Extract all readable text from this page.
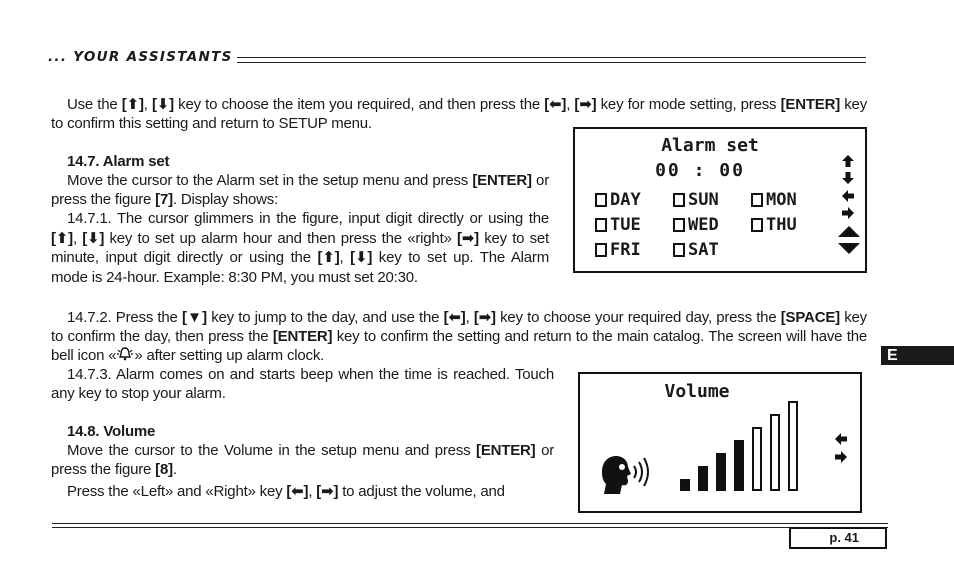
... YOUR ASSISTANTS

Use the [⬆], [⬇] key to choose the item you required, and then press the [⬅], [➡] key for mode setting, press [ENTER] key to confirm this setting and return to SETUP menu.

14.7. Alarm set

Move the cursor to the Alarm set in the setup menu and press [ENTER] or press the figure [7]. Display shows:

14.7.1. The cursor glimmers in the figure, input digit directly or using the [⬆], [⬇] key to set up alarm hour and then press the «right» [➡] key to set minute, input digit directly or using the [⬆], [⬇] key to set up. The Alarm mode is 24-hour. Example: 8:30 PM, you must set 20:30.

14.7.2. Press the [▼] key to jump to the day, and use the [⬅], [➡] key to choose your required day, press the [SPACE] key to confirm the day, then press the [ENTER] key to confirm the setting and return to the main catalog. The screen will have the bell icon « » after setting up alarm clock.

14.7.3. Alarm comes on and starts beep when the time is reached. Touch any key to stop your alarm.

14.8. Volume

Move the cursor to the Volume in the setup menu and press [ENTER] or press the figure [8].

Press the «Left» and «Right» key [⬅], [➡] to adjust the volume, and

Alarm set
00 : 00
DAY	SUN	MON
TUE	WED	THU
FRI	SAT
Volume
E
p. 41
